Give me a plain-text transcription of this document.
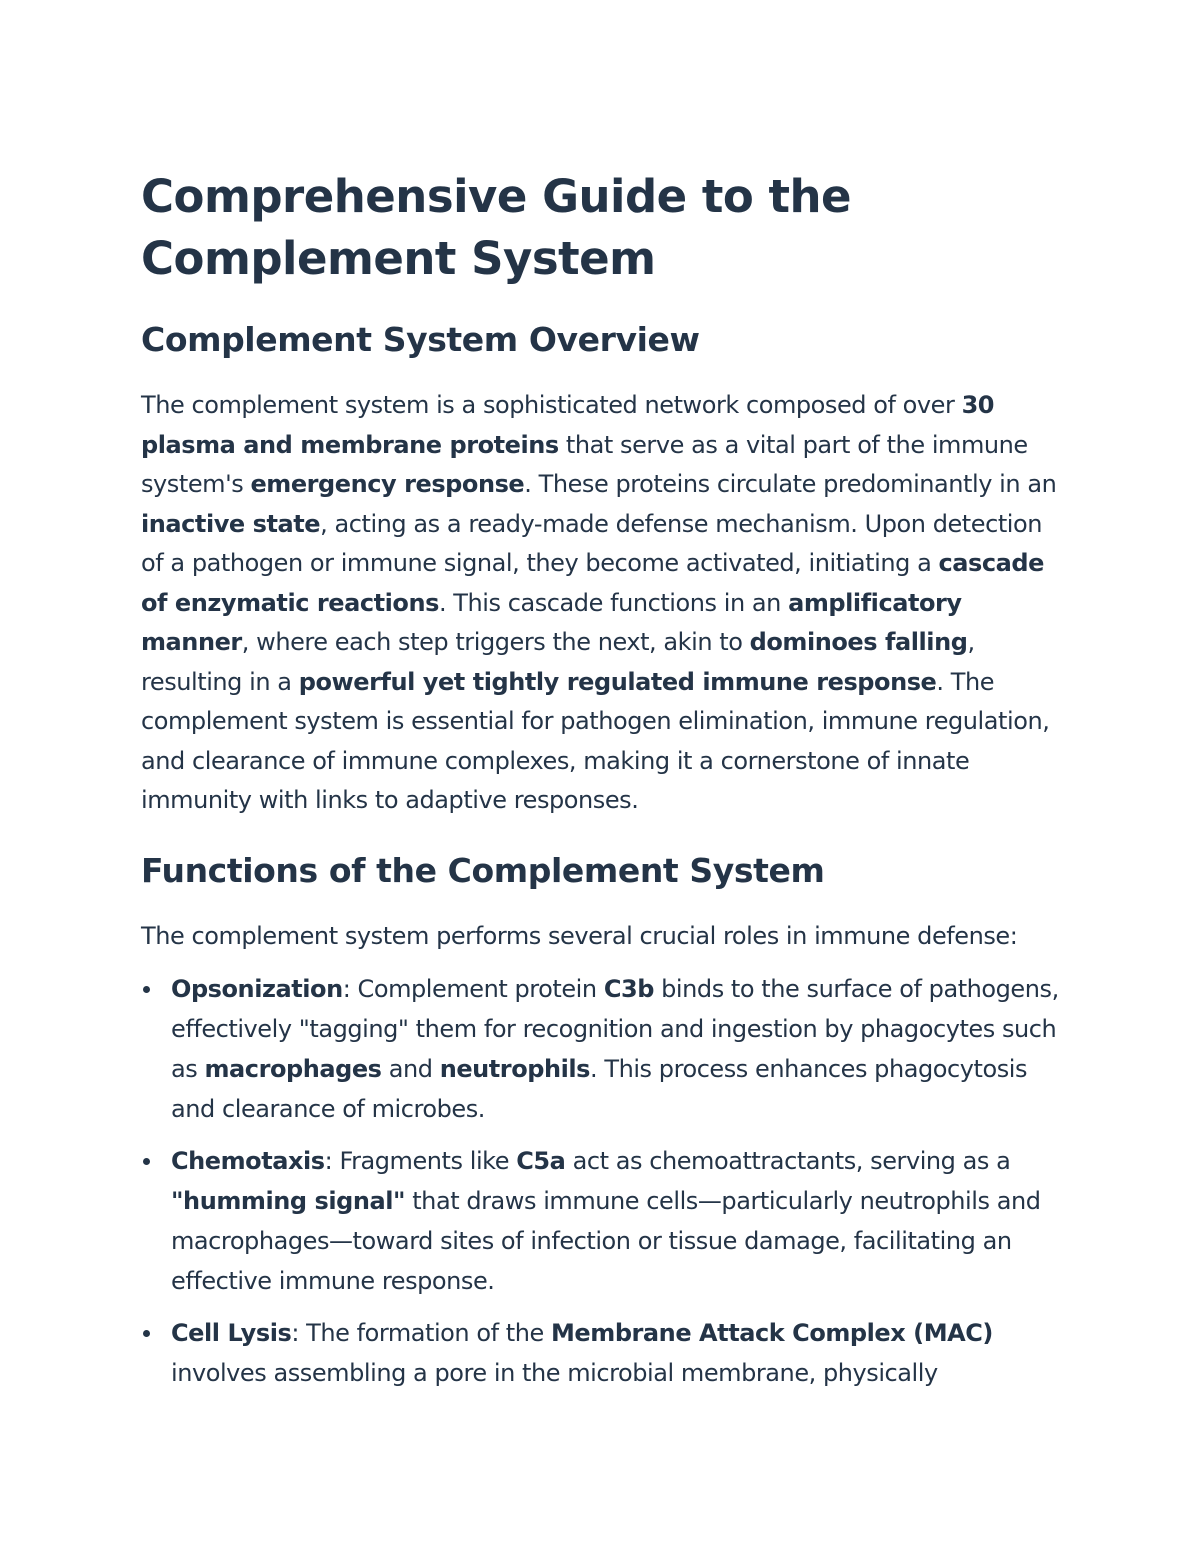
Comprehensive Guide to the Complement System
Complement System Overview

The complement system is a sophisticated network composed of over 30 plasma and membrane proteins that serve as a vital part of the immune system's emergency response. These proteins circulate predominantly in an inactive state, acting as a ready-made defense mechanism. Upon detection of a pathogen or immune signal, they become activated, initiating a cascade of enzymatic reactions. This cascade functions in an amplificatory manner, where each step triggers the next, akin to dominoes falling, resulting in a powerful yet tightly regulated immune response. The complement system is essential for pathogen elimination, immune regulation, and clearance of immune complexes, making it a cornerstone of innate immunity with links to adaptive responses.

Functions of the Complement System

The complement system performs several crucial roles in immune defense:

Opsonization: Complement protein C3b binds to the surface of pathogens, effectively "tagging" them for recognition and ingestion by phagocytes such as macrophages and neutrophils. This process enhances phagocytosis and clearance of microbes.
Chemotaxis: Fragments like C5a act as chemoattractants, serving as a "humming signal" that draws immune cells—particularly neutrophils and macrophages—toward sites of infection or tissue damage, facilitating an effective immune response.
Cell Lysis: The formation of the Membrane Attack Complex (MAC) involves assembling a pore in the microbial membrane, physically
